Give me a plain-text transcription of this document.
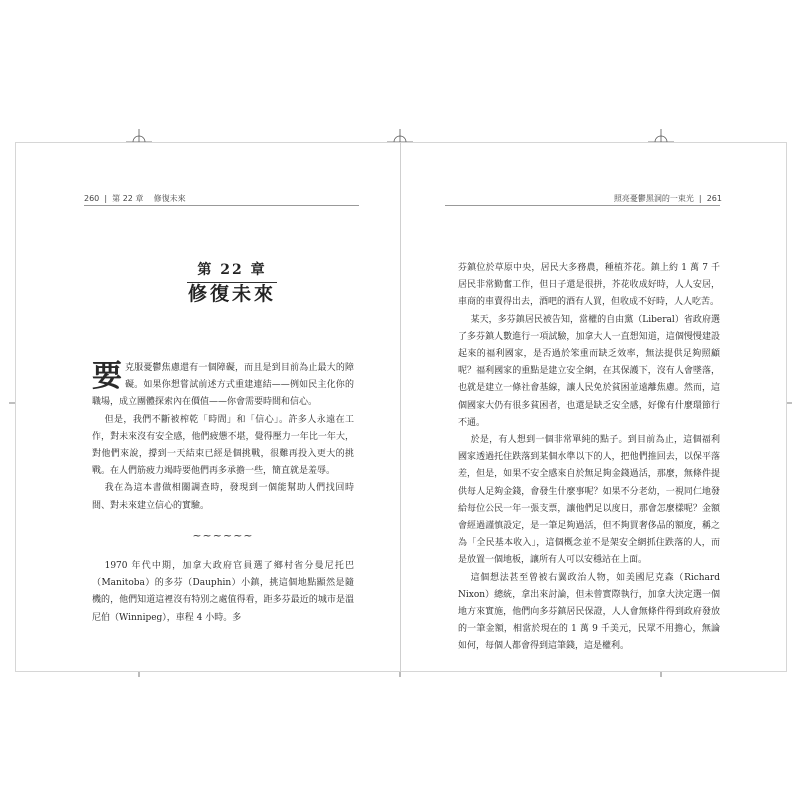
260  |  第 22 章 修復未來
第 22 章
修復未來

要 克服憂鬱焦慮還有一個障礙，而且是到目前為止最大的障礙。如果你想嘗試前述方式重建連結——例如民主化你的職場，成立團體探索內在價值——你會需要時間和信心。

但是，我們不斷被榨乾「時間」和「信心」。許多人永遠在工作，對未來沒有安全感，他們疲憊不堪，覺得壓力一年比一年大，對他們來說，撐到一天結束已經是個挑戰，很難再投入更大的挑戰。在人們筋疲力竭時要他們再多承擔一些，簡直就是羞辱。

我在為這本書做相關調查時，發現到一個能幫助人們找回時間、對未來建立信心的實驗。

~~~~~~

1970 年代中期，加拿大政府官員選了鄉村省分曼尼托巴（Manitoba）的多芬（Dauphin）小鎮，挑這個地點顯然是隨機的，他們知道這裡沒有特別之處值得看，距多芬最近的城市是溫尼伯（Winnipeg），車程 4 小時。多

照亮憂鬱黑洞的一束光  |  261

芬鎮位於草原中央，居民大多務農，種植芥花。鎮上約 1 萬 7 千居民非常勤奮工作，但日子還是很拼，芥花收成好時，人人安居，車商的車賣得出去，酒吧的酒有人買，但收成不好時，人人吃苦。

某天，多芬鎮居民被告知，當權的自由黨（Liberal）省政府選了多芬鎮人數進行一項試驗，加拿大人一直想知道，這個慢慢建設起來的福利國家，是否過於笨重而缺乏效率，無法提供足夠照顧呢？福利國家的重點是建立安全網，在其保護下，沒有人會墜落，也就是建立一條社會基線，讓人民免於貧困並遠離焦慮。然而，這個國家大仍有很多貧困者，也還是缺乏安全感，好像有什麼環節行不通。

於是，有人想到一個非常單純的點子。到目前為止，這個福利國家透過托住跌落到某個水準以下的人，把他們推回去，以保平落差，但是，如果不安全感來自於無足夠金錢過活，那麼，無條件提供每人足夠金錢，會發生什麼事呢？如果不分老幼，一視同仁地發給每位公民一年一張支票，讓他們足以度日，那會怎麼樣呢？金額會經過謹慎設定，是一筆足夠過活，但不夠買奢侈品的額度，稱之為「全民基本收入」，這個概念並不是架安全網抓住跌落的人，而是放置一個地板，讓所有人可以安穩站在上面。

這個想法甚至曾被右翼政治人物，如美國尼克森（Richard Nixon）總統，拿出來討論，但未曾實際執行，加拿大決定選一個地方來實施，他們向多芬鎮居民保證，人人會無條件得到政府發放的一筆金額，相當於現在的 1 萬 9 千美元，民眾不用擔心，無論如何，每個人都會得到這筆錢，這是權利。
